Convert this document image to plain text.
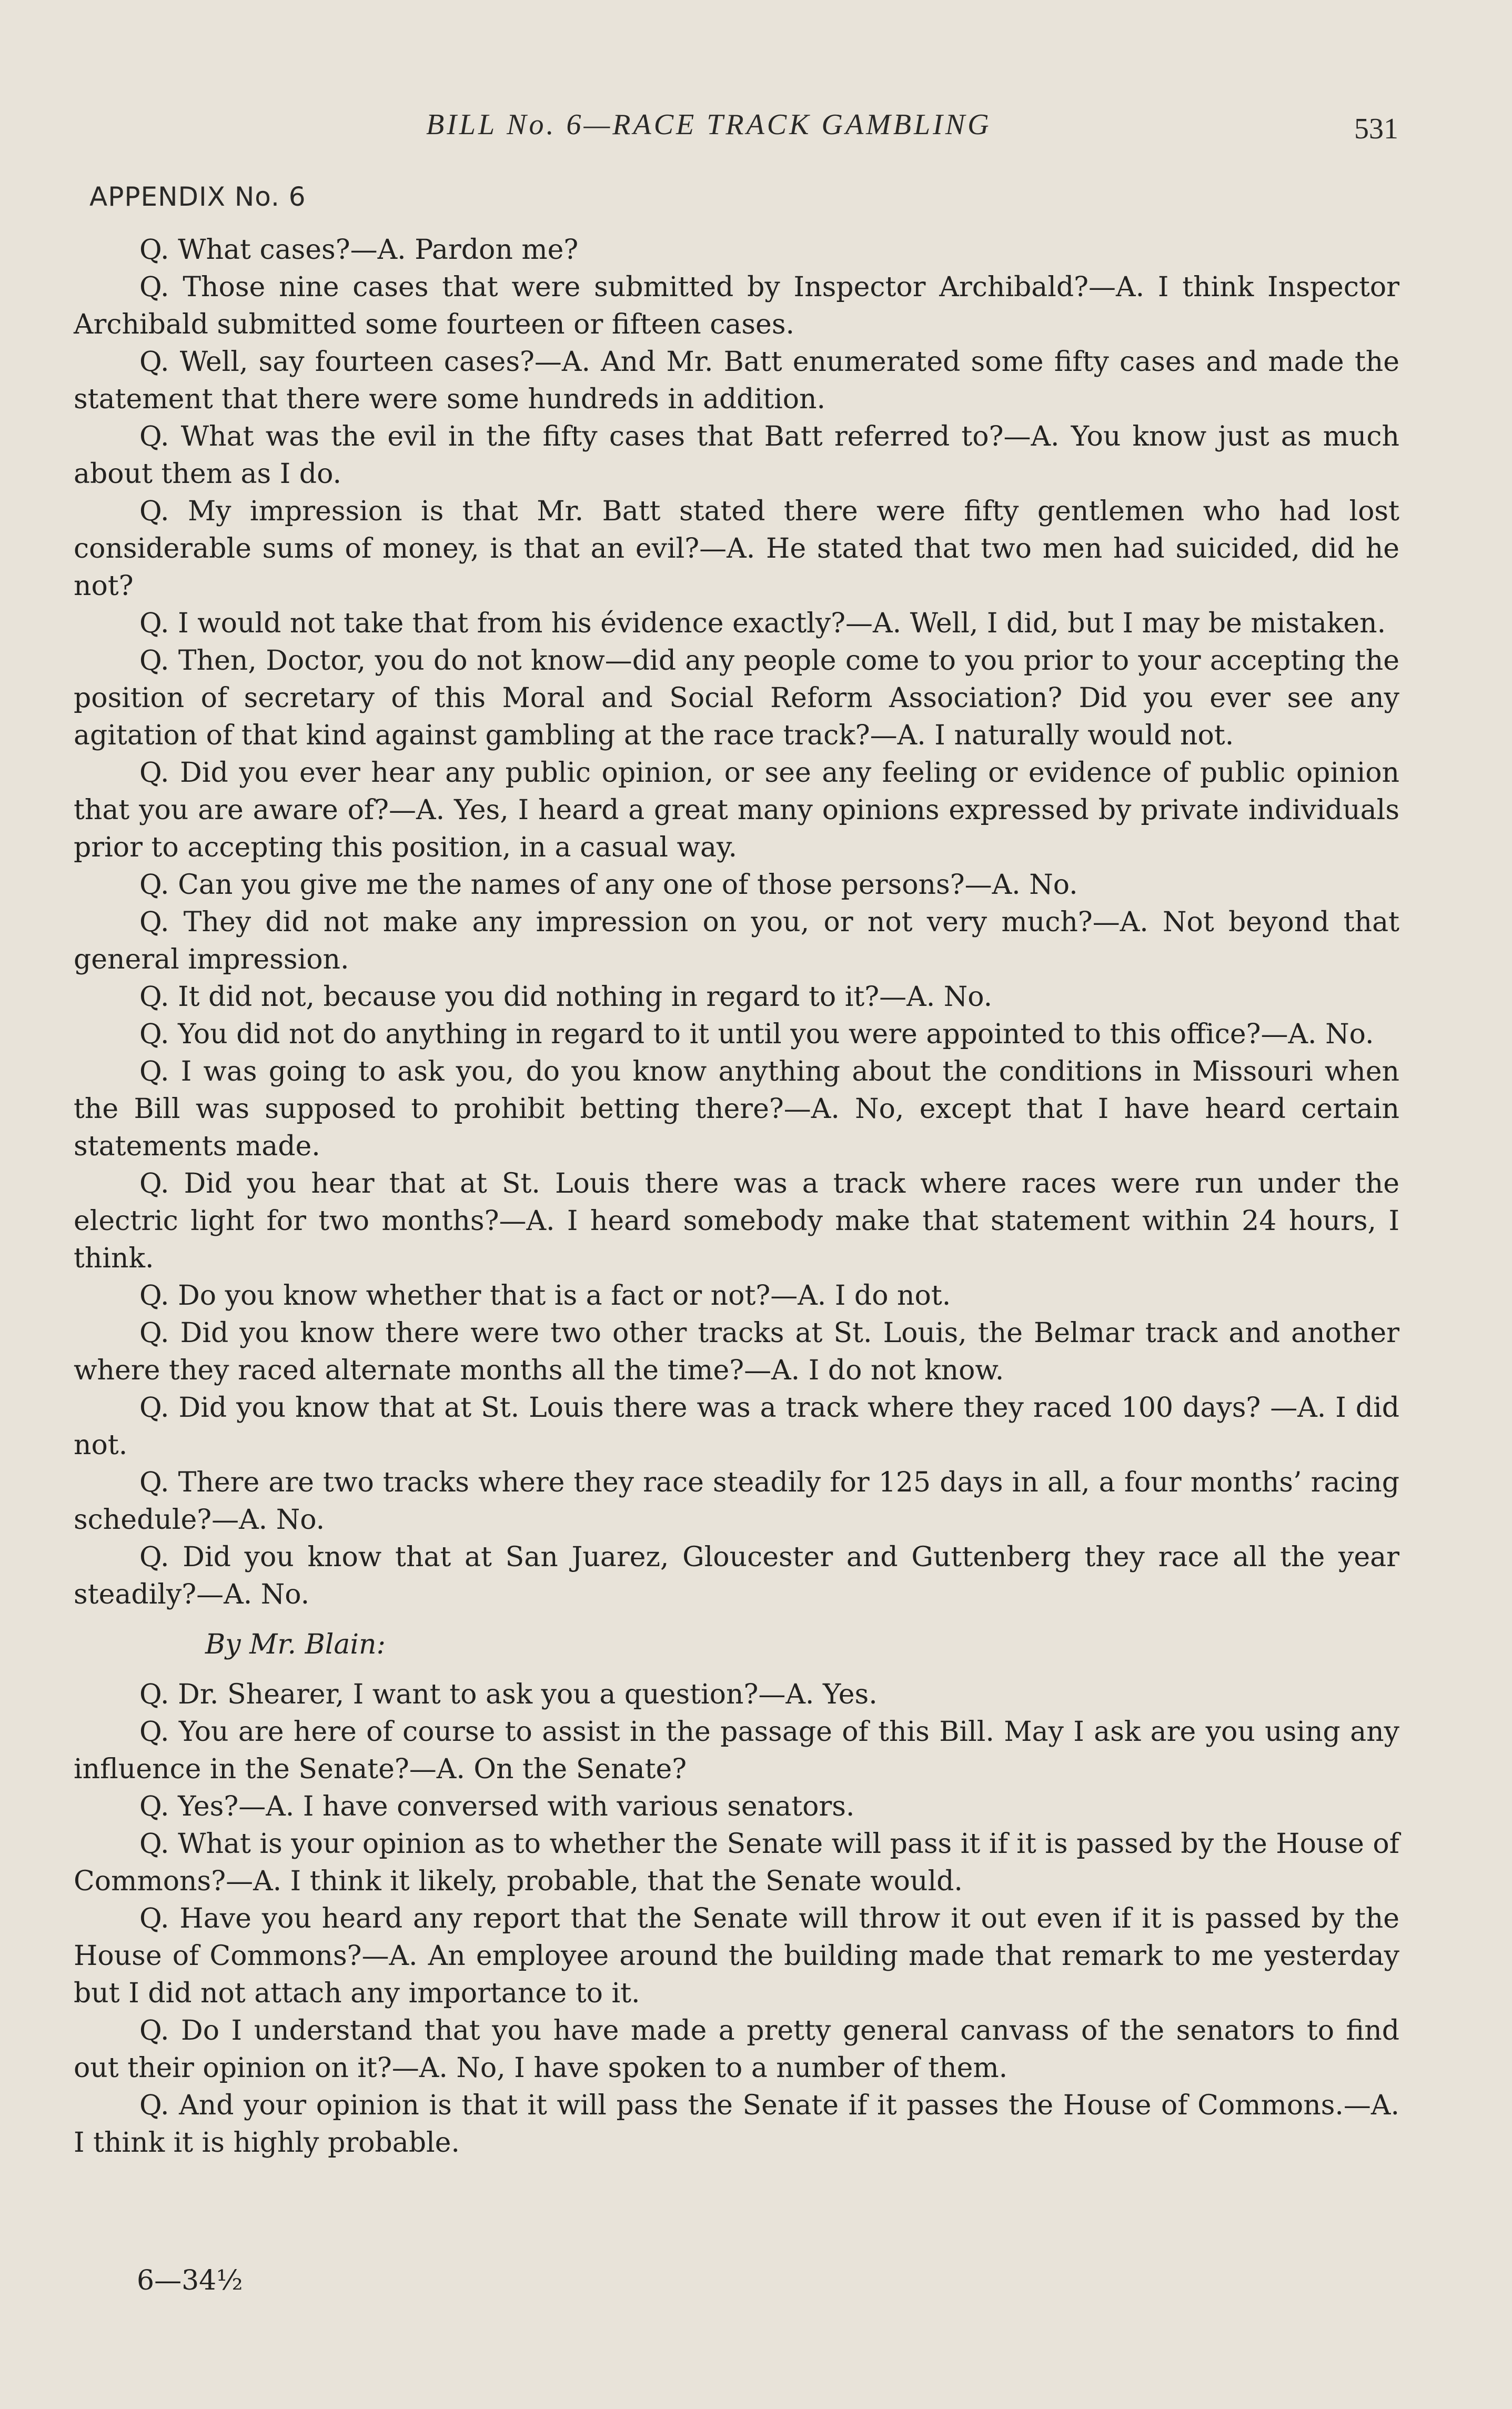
BILL No. 6—RACE TRACK GAMBLING	531
APPENDIX No. 6

Q. What cases?—A. Pardon me?

Q. Those nine cases that were submitted by Inspector Archibald?—A. I think Inspector Archibald submitted some fourteen or fifteen cases.

Q. Well, say fourteen cases?—A. And Mr. Batt enumerated some fifty cases and made the statement that there were some hundreds in addition.

Q. What was the evil in the fifty cases that Batt referred to?—A. You know just as much about them as I do.

Q. My impression is that Mr. Batt stated there were fifty gentlemen who had lost considerable sums of money, is that an evil?—A. He stated that two men had suicided, did he not?

Q. I would not take that from his évidence exactly?—A. Well, I did, but I may be mistaken.

Q. Then, Doctor, you do not know—did any people come to you prior to your accepting the position of secretary of this Moral and Social Reform Association? Did you ever see any agitation of that kind against gambling at the race track?—A. I naturally would not.

Q. Did you ever hear any public opinion, or see any feeling or evidence of public opinion that you are aware of?—A. Yes, I heard a great many opinions expressed by private individuals prior to accepting this position, in a casual way.

Q. Can you give me the names of any one of those persons?—A. No.

Q. They did not make any impression on you, or not very much?—A. Not beyond that general impression.

Q. It did not, because you did nothing in regard to it?—A. No.

Q. You did not do anything in regard to it until you were appointed to this office?—A. No.

Q. I was going to ask you, do you know anything about the conditions in Missouri when the Bill was supposed to prohibit betting there?—A. No, except that I have heard certain statements made.

Q. Did you hear that at St. Louis there was a track where races were run under the electric light for two months?—A. I heard somebody make that statement within 24 hours, I think.

Q. Do you know whether that is a fact or not?—A. I do not.

Q. Did you know there were two other tracks at St. Louis, the Belmar track and another where they raced alternate months all the time?—A. I do not know.

Q. Did you know that at St. Louis there was a track where they raced 100 days? —A. I did not.

Q. There are two tracks where they race steadily for 125 days in all, a four months’ racing schedule?—A. No.

Q. Did you know that at San Juarez, Gloucester and Guttenberg they race all the year steadily?—A. No.

By Mr. Blain:

Q. Dr. Shearer, I want to ask you a question?—A. Yes.

Q. You are here of course to assist in the passage of this Bill. May I ask are you using any influence in the Senate?—A. On the Senate?

Q. Yes?—A. I have conversed with various senators.

Q. What is your opinion as to whether the Senate will pass it if it is passed by the House of Commons?—A. I think it likely, probable, that the Senate would.

Q. Have you heard any report that the Senate will throw it out even if it is passed by the House of Commons?—A. An employee around the building made that remark to me yesterday but I did not attach any importance to it.

Q. Do I understand that you have made a pretty general canvass of the senators to find out their opinion on it?—A. No, I have spoken to a number of them.

Q. And your opinion is that it will pass the Senate if it passes the House of Commons.—A. I think it is highly probable.

6—34½
